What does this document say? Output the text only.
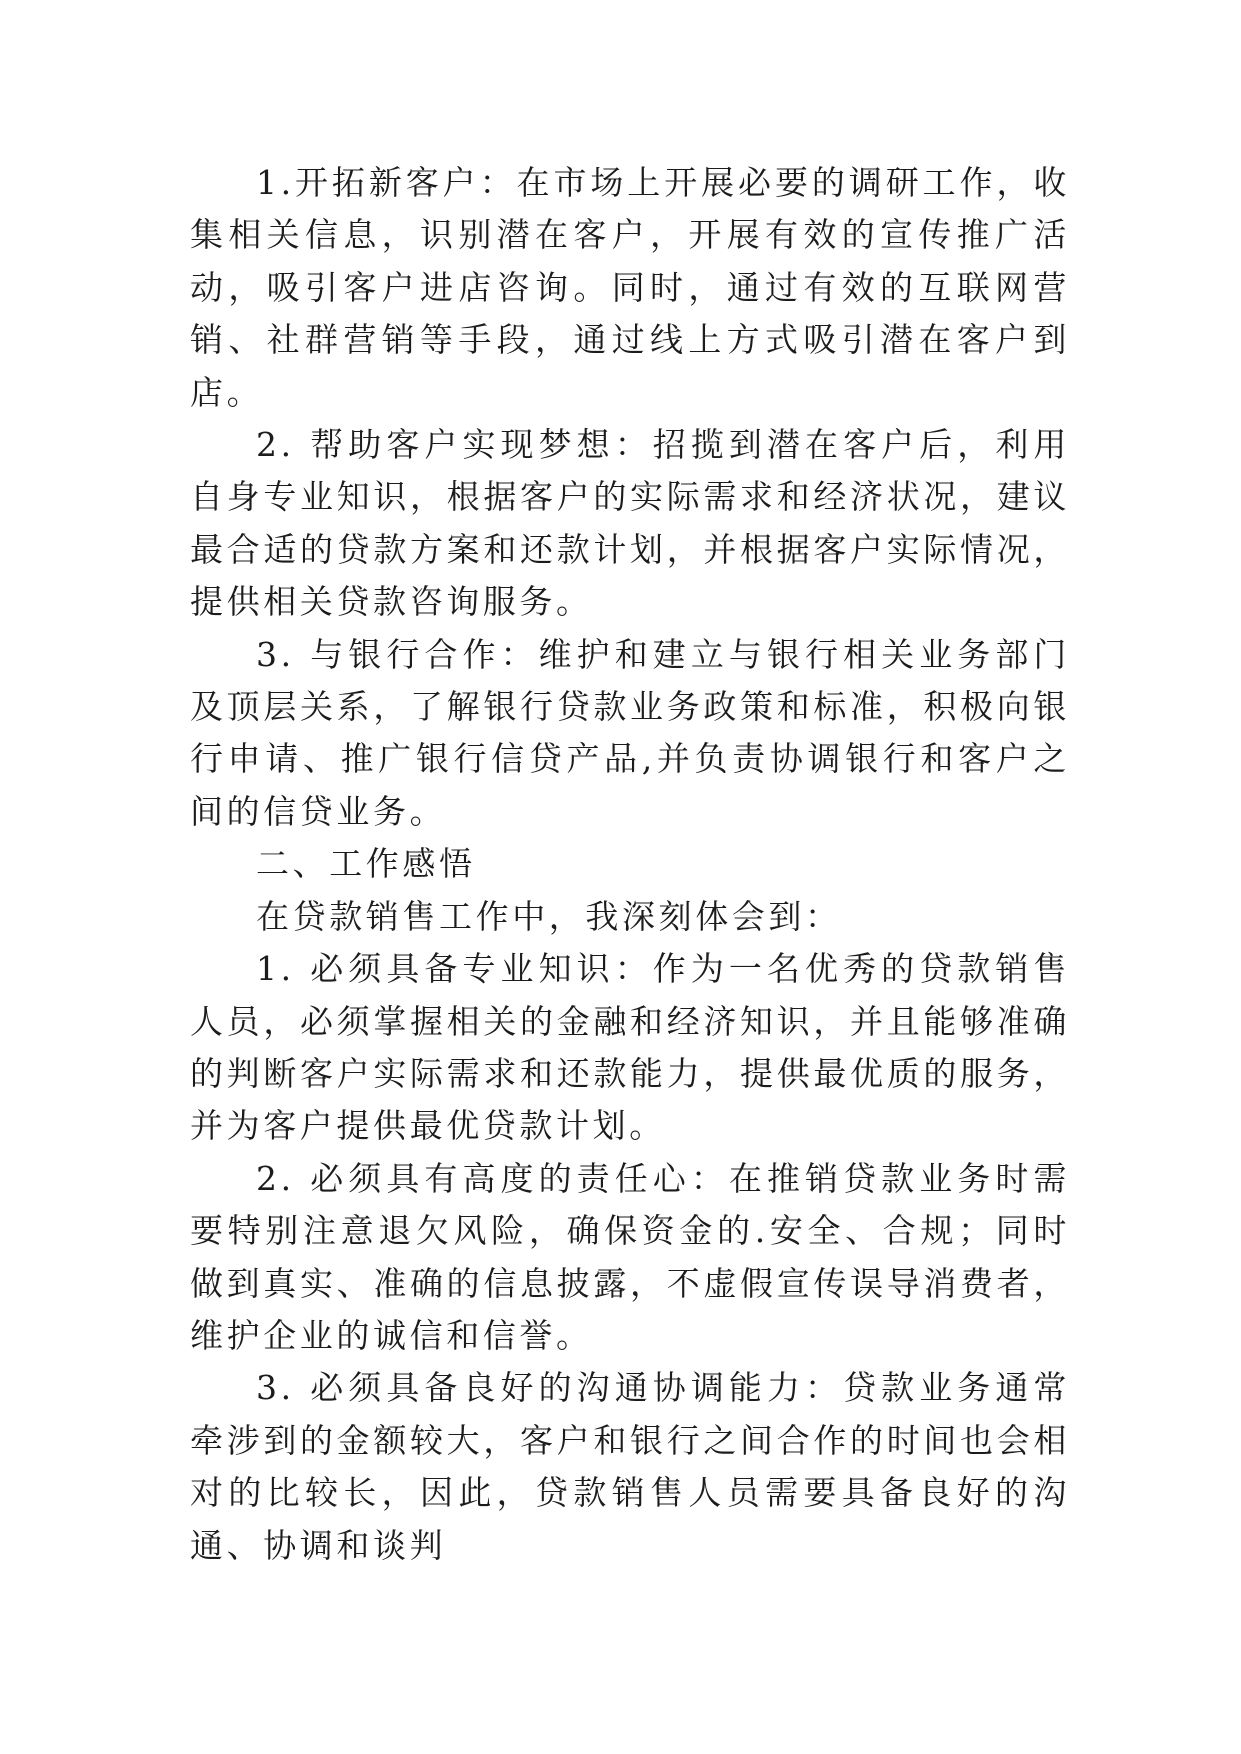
1.开拓新客户：在市场上开展必要的调研工作，收集相关信息，识别潜在客户，开展有效的宣传推广活动，吸引客户进店咨询。同时，通过有效的互联网营销、社群营销等手段，通过线上方式吸引潜在客户到店。

2. 帮助客户实现梦想：招揽到潜在客户后，利用自身专业知识，根据客户的实际需求和经济状况，建议最合适的贷款方案和还款计划，并根据客户实际情况，提供相关贷款咨询服务。

3. 与银行合作：维护和建立与银行相关业务部门及顶层关系，了解银行贷款业务政策和标准，积极向银行申请、推广银行信贷产品,并负责协调银行和客户之间的信贷业务。

二、工作感悟

在贷款销售工作中，我深刻体会到：

1. 必须具备专业知识：作为一名优秀的贷款销售人员，必须掌握相关的金融和经济知识，并且能够准确的判断客户实际需求和还款能力，提供最优质的服务，并为客户提供最优贷款计划。

2. 必须具有高度的责任心：在推销贷款业务时需要特别注意退欠风险，确保资金的.安全、合规；同时做到真实、准确的信息披露，不虚假宣传误导消费者，维护企业的诚信和信誉。

3. 必须具备良好的沟通协调能力：贷款业务通常牵涉到的金额较大，客户和银行之间合作的时间也会相对的比较长，因此，贷款销售人员需要具备良好的沟通、协调和谈判
